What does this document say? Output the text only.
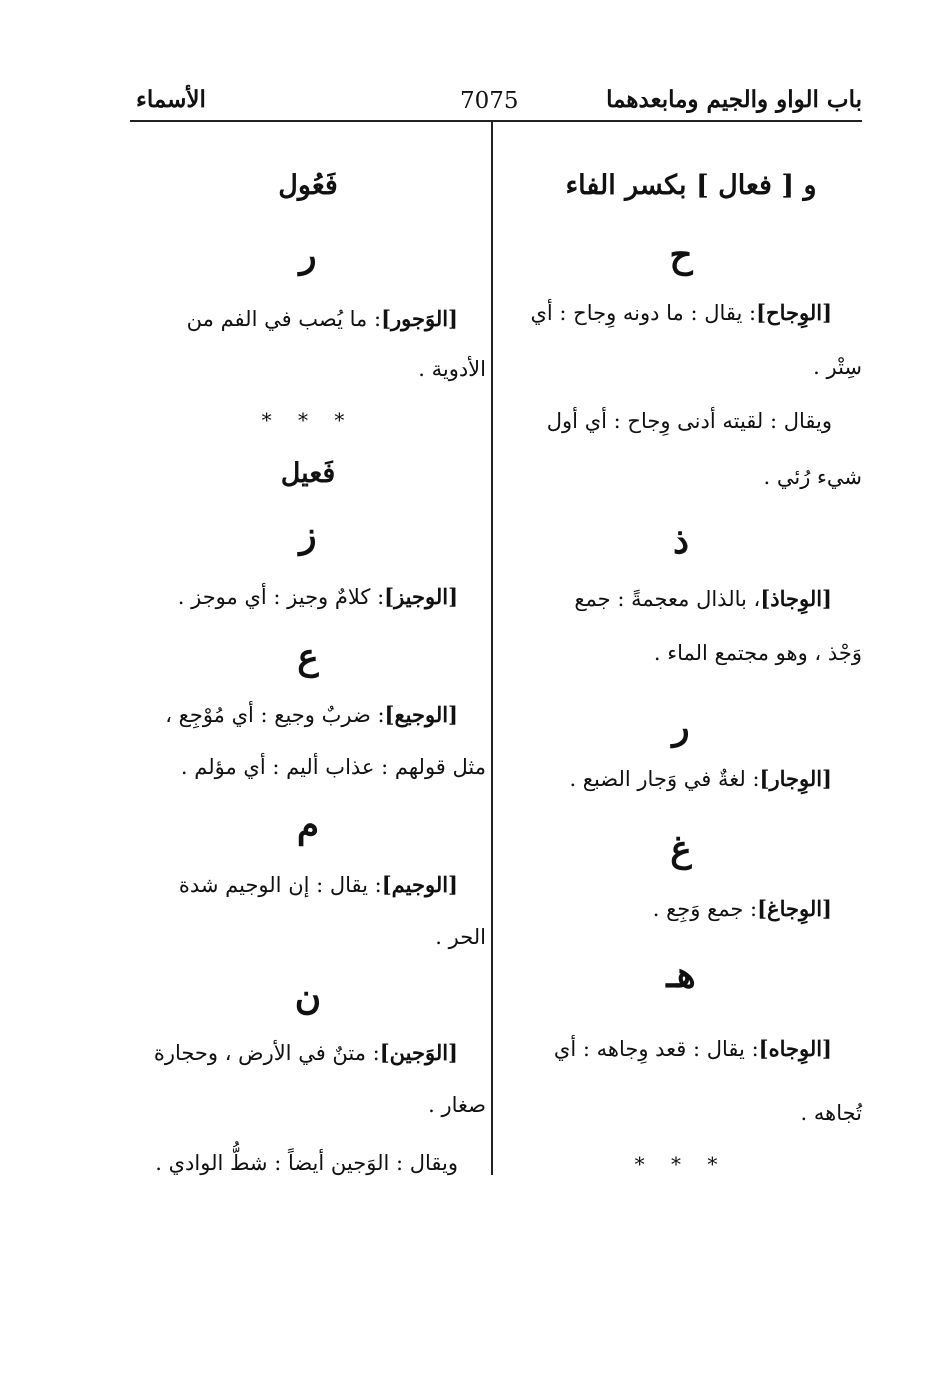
باب الواو والجيم ومابعدهما
7075
الأسماء
و [ فعال ] بكسر الفاء
ح
[الوِجاح]: يقال : ما دونه وِجاح : أي
سِتْر .
ويقال : لقيته أدنى وِجاح : أي أول
شيء رُئي .
ذ
[الوِجاذ]، بالذال معجمةً : جمع
وَجْذ ، وهو مجتمع الماء .
ر
[الوِجار]: لغةٌ في وَجار الضبع .
غ
[الوِجاغ]: جمع وَجِع .
هـ
[الوِجاه]: يقال : قعد وِجاهه : أي
تُجاهه .
* * *
فَعُول
ر
[الوَجور]: ما يُصب في الفم من
الأدوية .
* * *
فَعيل
ز
[الوجيز]: كلامٌ وجيز : أي موجز .
ع
[الوجيع]: ضربٌ وجيع : أي مُوْجِع ،
مثل قولهم : عذاب أليم : أي مؤلم .
م
[الوجيم]: يقال : إن الوجيم شدة
الحر .
ن
[الوَجين]: متنٌ في الأرض ، وحجارة
صغار .
ويقال : الوَجين أيضاً : شطُّ الوادي .
